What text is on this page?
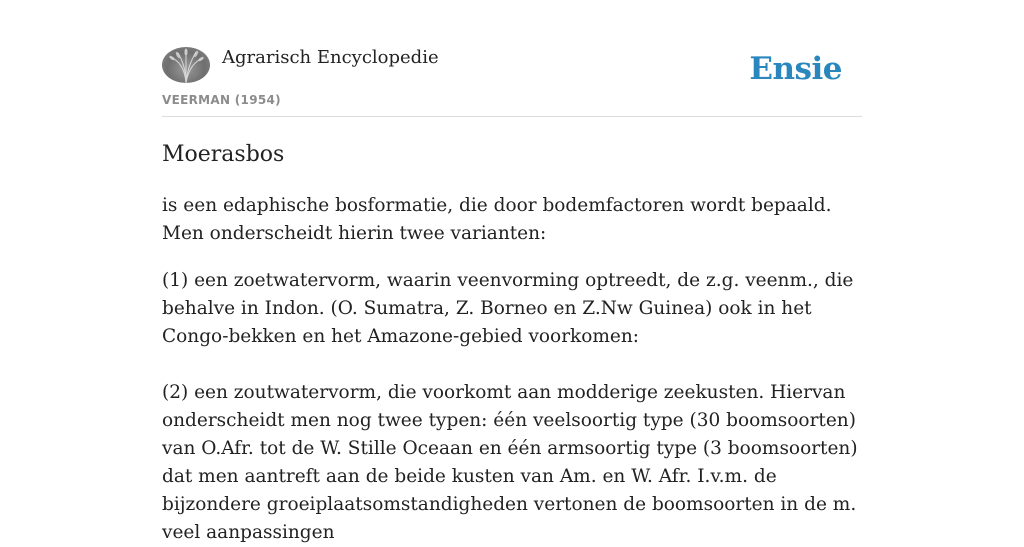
Agrarisch Encyclopedie
VEERMAN (1954)
Ensie
Moerasbos

is een edaphische bosformatie, die door bodemfactoren wordt bepaald. Men onderscheidt hierin twee varianten:

(1) een zoetwatervorm, waarin veenvorming optreedt, de z.g. veenm., die behalve in Indon. (O. Sumatra, Z. Borneo en Z.Nw Guinea) ook in het Congo-bekken en het Amazone-gebied voorkomen:

(2) een zoutwatervorm, die voorkomt aan modderige zeekusten. Hiervan onderscheidt men nog twee typen: één veelsoortig type (30 boomsoorten) van O.Afr. tot de W. Stille Oceaan en één armsoortig type (3 boomsoorten) dat men aantreft aan de beide kusten van Am. en W. Afr. I.v.m. de bijzondere groeiplaatsomstandigheden vertonen de boomsoorten in de m. veel aanpassingen
